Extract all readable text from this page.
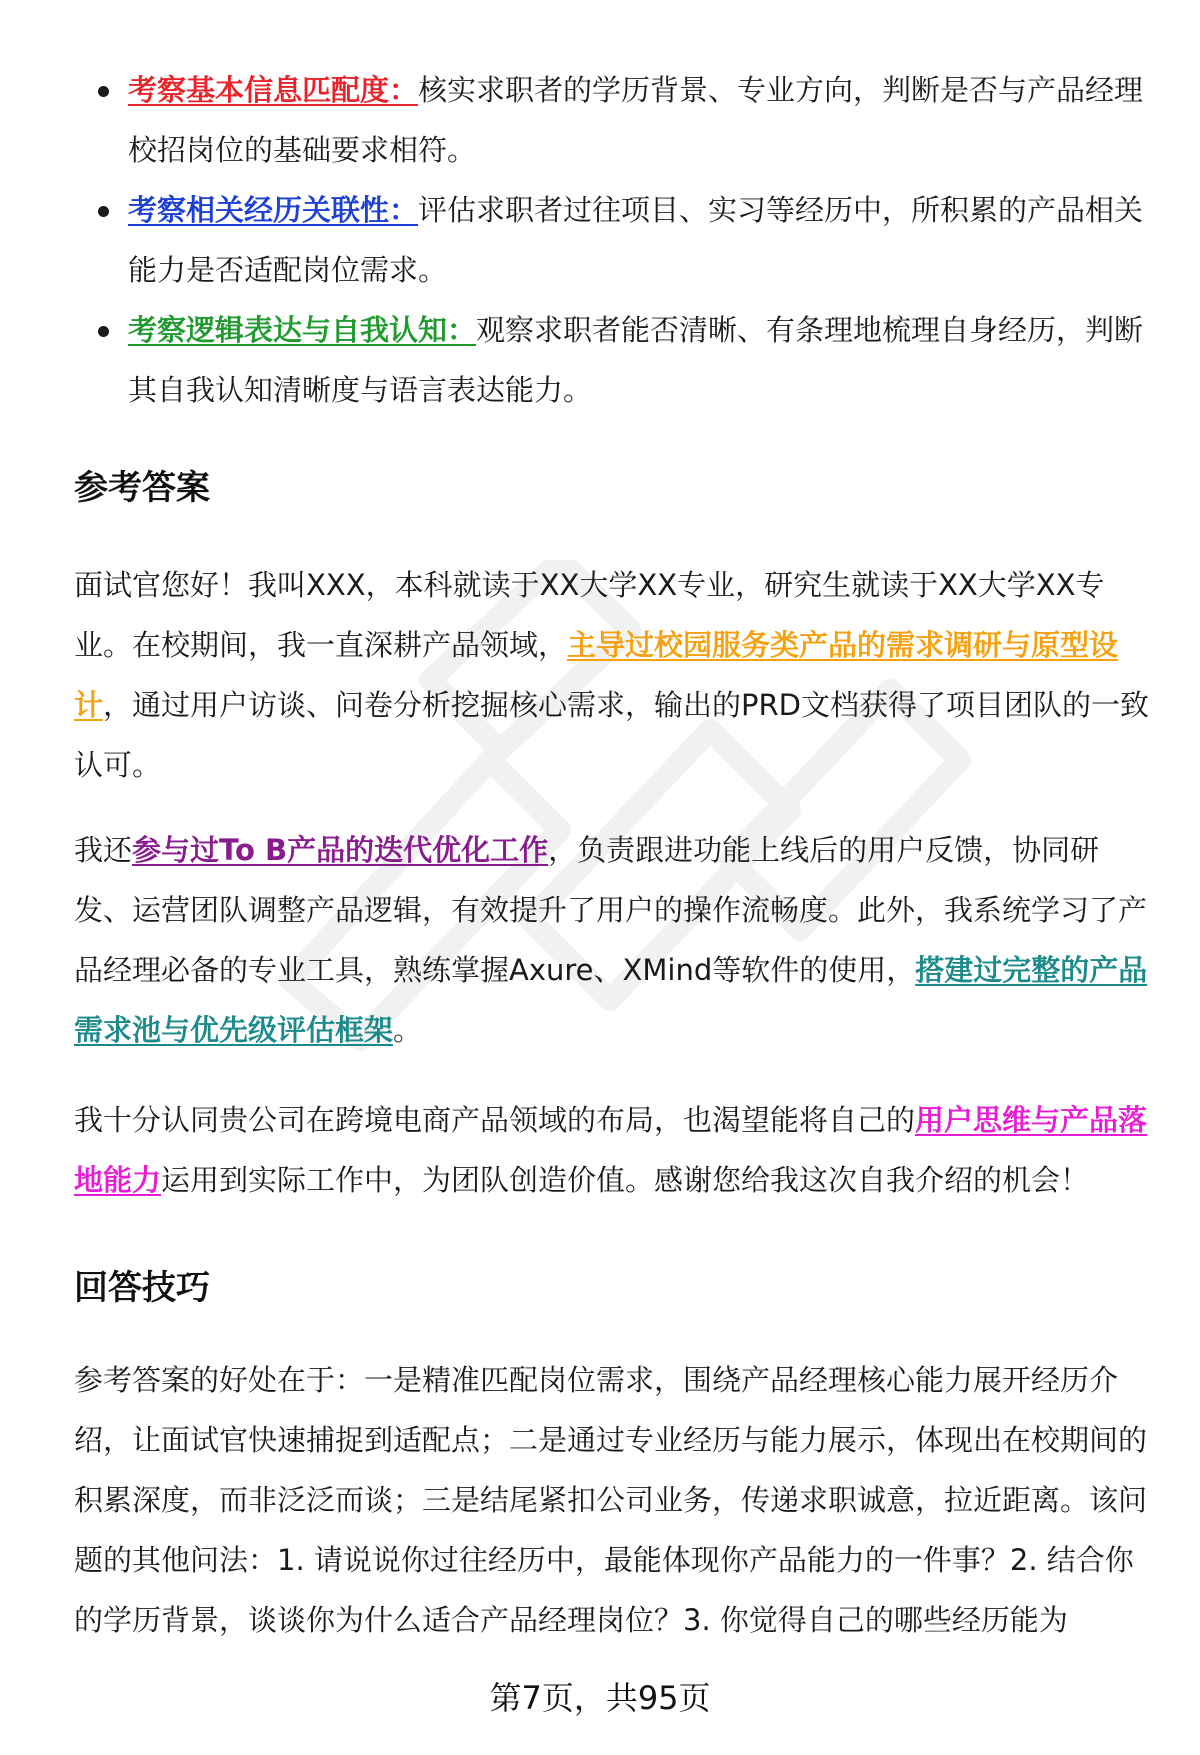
考察基本信息匹配度：核实求职者的学历背景、专业方向，判断是否与产品经理校招岗位的基础要求相符。
考察相关经历关联性：评估求职者过往项目、实习等经历中，所积累的产品相关能力是否适配岗位需求。
考察逻辑表达与自我认知：观察求职者能否清晰、有条理地梳理自身经历，判断其自我认知清晰度与语言表达能力。
参考答案

面试官您好！我叫XXX，本科就读于XX大学XX专业，研究生就读于XX大学XX专业。在校期间，我一直深耕产品领域，主导过校园服务类产品的需求调研与原型设计，通过用户访谈、问卷分析挖掘核心需求，输出的PRD文档获得了项目团队的一致认可。

我还参与过To B产品的迭代优化工作，负责跟进功能上线后的用户反馈，协同研发、运营团队调整产品逻辑，有效提升了用户的操作流畅度。此外，我系统学习了产品经理必备的专业工具，熟练掌握Axure、XMind等软件的使用，搭建过完整的产品需求池与优先级评估框架。

我十分认同贵公司在跨境电商产品领域的布局，也渴望能将自己的用户思维与产品落地能力运用到实际工作中，为团队创造价值。感谢您给我这次自我介绍的机会！

回答技巧

参考答案的好处在于：一是精准匹配岗位需求，围绕产品经理核心能力展开经历介绍，让面试官快速捕捉到适配点；二是通过专业经历与能力展示，体现出在校期间的积累深度，而非泛泛而谈；三是结尾紧扣公司业务，传递求职诚意，拉近距离。该问题的其他问法：1. 请说说你过往经历中，最能体现你产品能力的一件事？2. 结合你的学历背景，谈谈你为什么适合产品经理岗位？3. 你觉得自己的哪些经历能为

第7页，共95页
